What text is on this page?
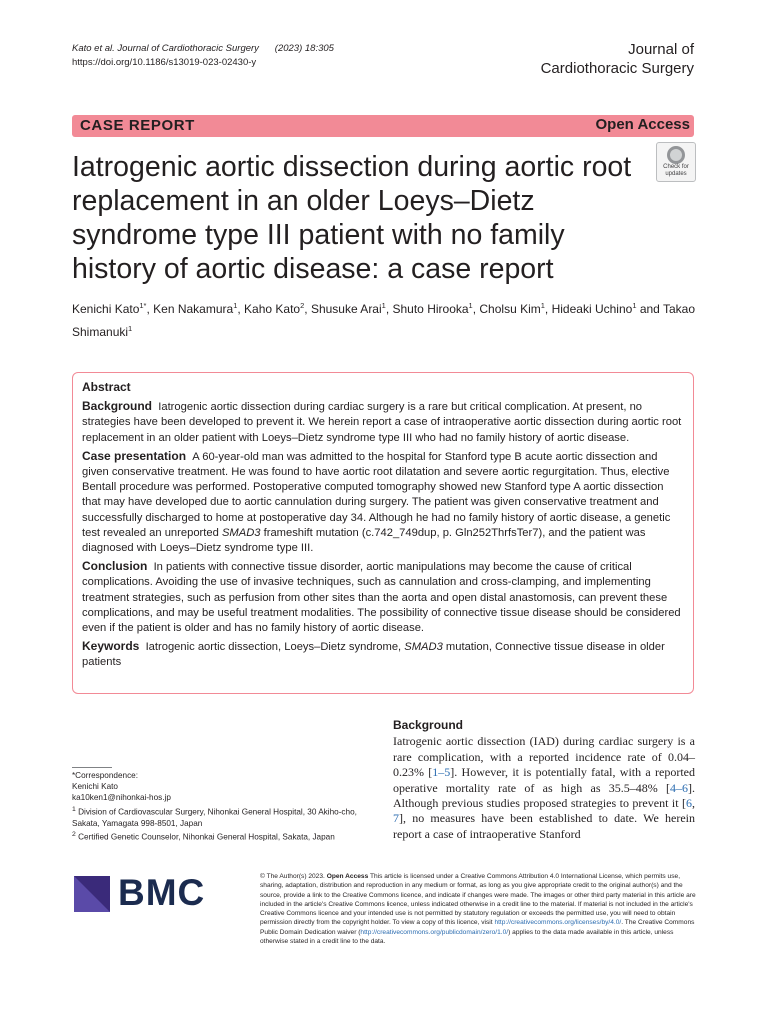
Kato et al. Journal of Cardiothoracic Surgery (2023) 18:305
https://doi.org/10.1186/s13019-023-02430-y
Journal of
Cardiothoracic Surgery
CASE REPORT	Open Access
Check for
updates
Iatrogenic aortic dissection during aortic root replacement in an older Loeys–Dietz syndrome type III patient with no family history of aortic disease: a case report
Kenichi Kato$^{1*}$, Ken Nakamura$^1$, Kaho Kato$^2$, Shusuke Arai$^1$, Shuto Hirooka$^1$, Cholsu Kim$^1$, Hideaki Uchino$^1$ and Takao Shimanuki$^1$
Abstract

Background Iatrogenic aortic dissection during cardiac surgery is a rare but critical complication. At present, no strategies have been developed to prevent it. We herein report a case of intraoperative aortic dissection during aortic root replacement in an older patient with Loeys–Dietz syndrome type III who had no family history of aortic disease.

Case presentation A 60-year-old man was admitted to the hospital for Stanford type B acute aortic dissection and given conservative treatment. He was found to have aortic root dilatation and severe aortic regurgitation. Thus, elective Bentall procedure was performed. Postoperative computed tomography showed new Stanford type A aortic dissection that may have developed due to aortic cannulation during surgery. The patient was given conservative treatment and successfully discharged to home at postoperative day 34. Although he had no family history of aortic disease, a genetic test revealed an unreported SMAD3 frameshift mutation (c.742_749dup, p. Gln252ThrfsTer7), and the patient was diagnosed with Loeys–Dietz syndrome type III.

Conclusion In patients with connective tissue disorder, aortic manipulations may become the cause of critical complications. Avoiding the use of invasive techniques, such as cannulation and cross-clamping, and implementing treatment strategies, such as perfusion from other sites than the aorta and open distal anastomosis, can prevent these complications, and may be useful treatment modalities. The possibility of connective tissue disease should be considered even if the patient is older and has no family history of aortic disease.

Keywords Iatrogenic aortic dissection, Loeys–Dietz syndrome, SMAD3 mutation, Connective tissue disease in older patients

*Correspondence:
Kenichi Kato
ka10ken1@nihonkai-hos.jp
$^1$ Division of Cardiovascular Surgery, Nihonkai General Hospital, 30 Akiho-cho, Sakata, Yamagata 998-8501, Japan
$^2$ Certified Genetic Counselor, Nihonkai General Hospital, Sakata, Japan
Background
Iatrogenic aortic dissection (IAD) during cardiac surgery is a rare complication, with a reported incidence rate of 0.04–0.23% [1–5]. However, it is potentially fatal, with a reported operative mortality rate of as high as 35.5–48% [4–6]. Although previous studies proposed strategies to prevent it [6, 7], no measures have been established to date. We herein report a case of intraoperative Stanford
BMC	© The Author(s) 2023. Open Access This article is licensed under a Creative Commons Attribution 4.0 International License, which permits use, sharing, adaptation, distribution and reproduction in any medium or format, as long as you give appropriate credit to the original author(s) and the source, provide a link to the Creative Commons licence, and indicate if changes were made. The images or other third party material in this article are included in the article's Creative Commons licence, unless indicated otherwise in a credit line to the material. If material is not included in the article's Creative Commons licence and your intended use is not permitted by statutory regulation or exceeds the permitted use, you will need to obtain permission directly from the copyright holder. To view a copy of this licence, visit http://creativecommons.org/licenses/by/4.0/. The Creative Commons Public Domain Dedication waiver (http://creativecommons.org/publicdomain/zero/1.0/) applies to the data made available in this article, unless otherwise stated in a credit line to the data.
